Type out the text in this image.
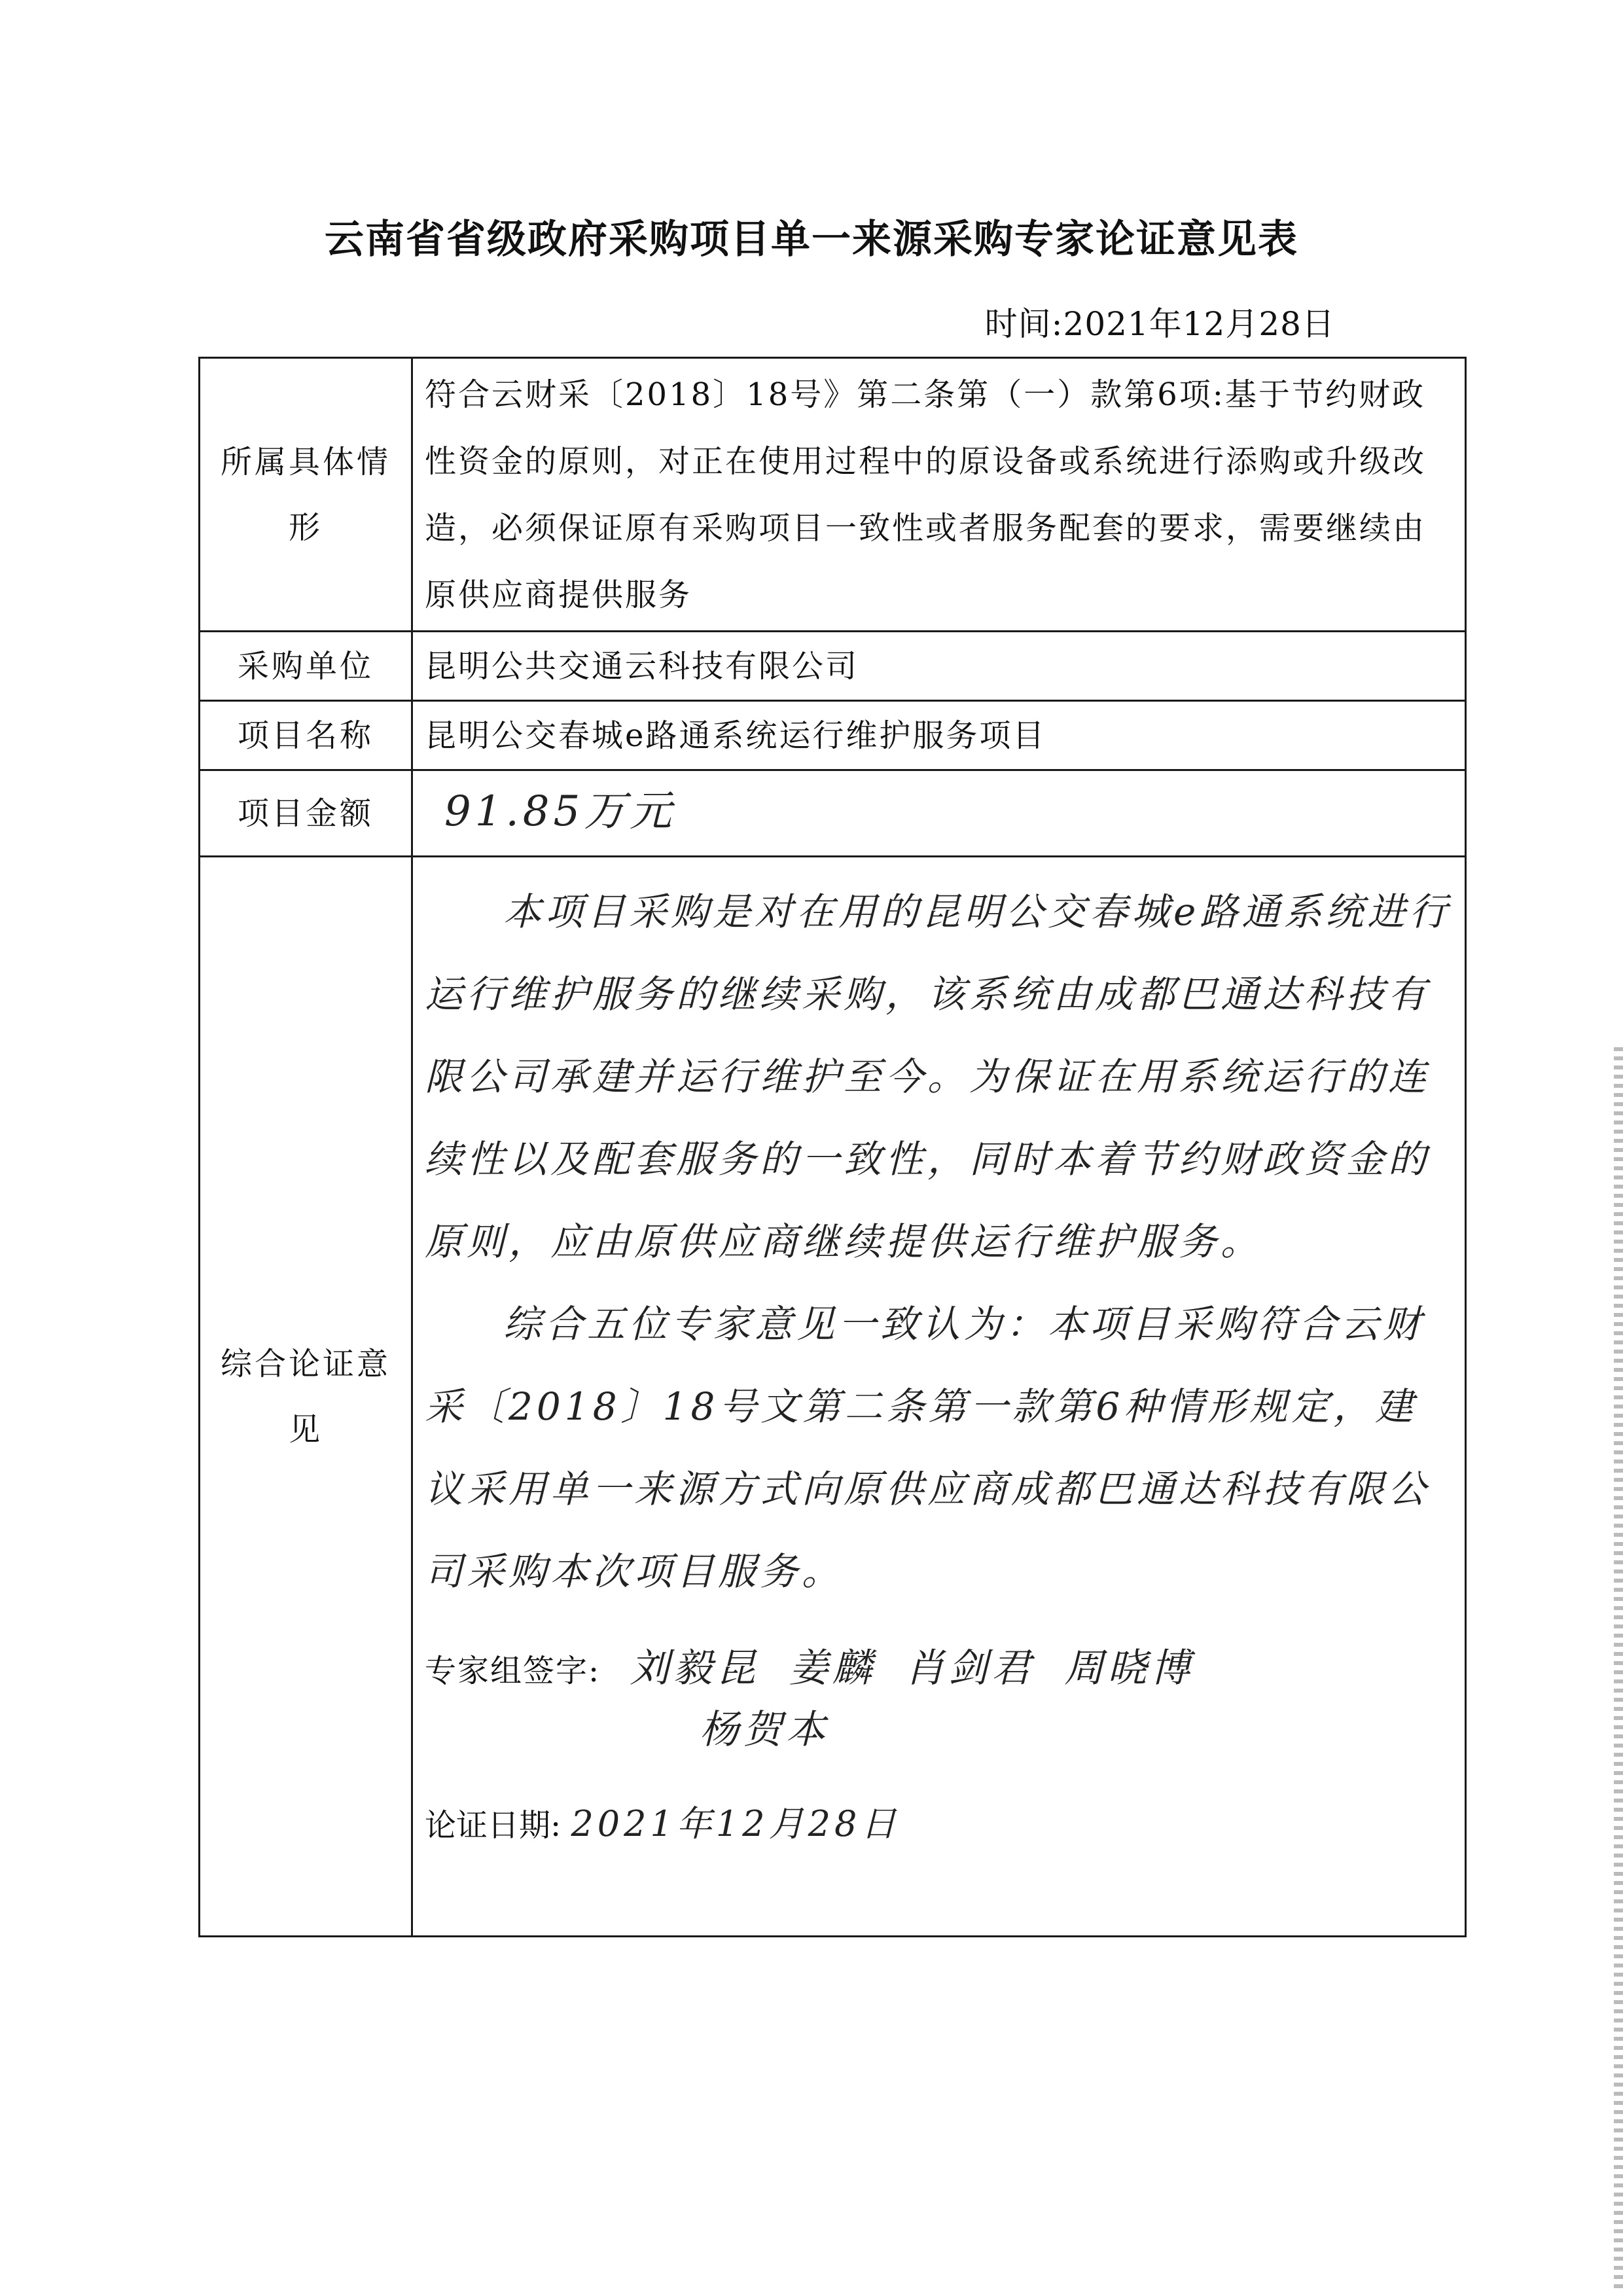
云南省省级政府采购项目单一来源采购专家论证意见表
时间:2021年12月28日
所属具体情形	符合云财采〔2018〕18号》第二条第（一）款第6项:基于节约财政性资金的原则，对正在使用过程中的原设备或系统进行添购或升级改造，必须保证原有采购项目一致性或者服务配套的要求，需要继续由原供应商提供服务
采购单位	昆明公共交通云科技有限公司
项目名称	昆明公交春城e路通系统运行维护服务项目
项目金额	91.85万元
综合论证意见	本项目采购是对在用的昆明公交春城e路通系统进行运行维护服务的继续采购，该系统由成都巴通达科技有限公司承建并运行维护至今。为保证在用系统运行的连续性以及配套服务的一致性，同时本着节约财政资金的原则，应由原供应商继续提供运行维护服务。

综合五位专家意见一致认为：本项目采购符合云财采〔2018〕18号文第二条第一款第6种情形规定，建议采用单一来源方式向原供应商成都巴通达科技有限公司采购本次项目服务。

专家组签字: 刘毅昆 姜麟 肖剑君 周晓博
杨贺本
论证日期: 2021年12月28日
